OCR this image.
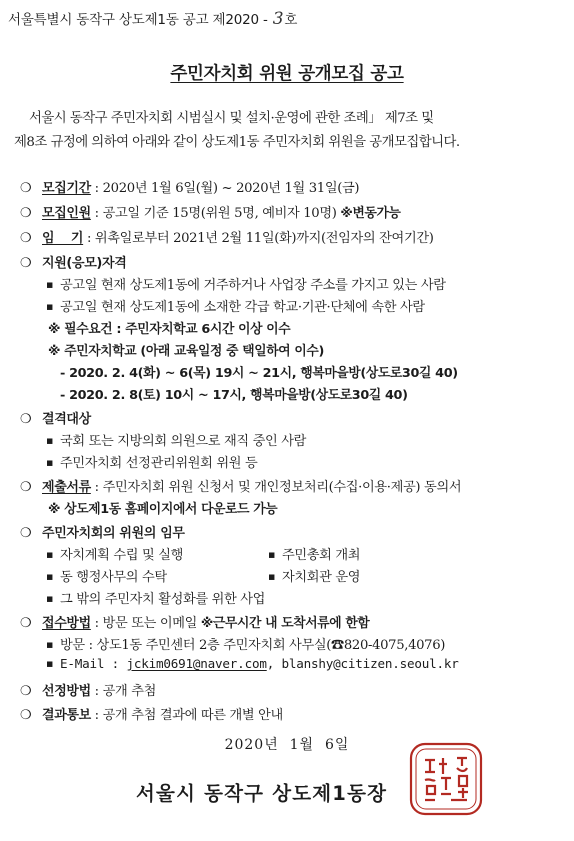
서울특별시 동작구 상도제1동 공고 제2020 - 3호
주민자치회 위원 공개모집 공고

서울시 동작구 주민자치회 시범실시 및 설치·운영에 관한 조례」 제7조 및

제8조 규정에 의하여 아래와 같이 상도제1동 주민자치회 위원을 공개모집합니다.

❍ 모집기간 : 2020년 1월 6일(월) ~ 2020년 1월 31일(금)
❍ 모집인원 : 공고일 기준 15명(위원 5명, 예비자 10명) ※변동가능
❍ 임    기 : 위촉일로부터 2021년 2월 11일(화)까지(전임자의 잔여기간)
❍ 지원(응모)자격
▪ 공고일 현재 상도제1동에 거주하거나 사업장 주소를 가지고 있는 사람
▪ 공고일 현재 상도제1동에 소재한 각급 학교·기관·단체에 속한 사람
※ 필수요건 : 주민자치학교 6시간 이상 이수
※ 주민자치학교 (아래 교육일정 중 택일하여 이수)
- 2020. 2. 4(화) ~ 6(목) 19시 ~ 21시, 행복마을방(상도로30길 40)
- 2020. 2. 8(토) 10시 ~ 17시, 행복마을방(상도로30길 40)
❍ 결격대상
▪ 국회 또는 지방의회 의원으로 재직 중인 사람
▪ 주민자치회 선정관리위원회 위원 등
❍ 제출서류 : 주민자치회 위원 신청서 및 개인정보처리(수집·이용·제공) 동의서
※ 상도제1동 홈페이지에서 다운로드 가능
❍ 주민자치회의 위원의 임무
▪ 자치계획 수립 및 실행	▪ 주민총회 개최
▪ 동 행정사무의 수탁	▪ 자치회관 운영
▪ 그 밖의 주민자치 활성화를 위한 사업
❍ 접수방법 : 방문 또는 이메일 ※근무시간 내 도착서류에 한함
▪ 방문 : 상도1동 주민센터 2층 주민자치회 사무실(☎820-4075,4076)
▪ E-Mail : jckim0691@naver.com, blanshy@citizen.seoul.kr
❍ 선정방법 : 공개 추첨
❍ 결과통보 : 공개 추첨 결과에 따른 개별 안내
2020년  1월  6일
서울시 동작구 상도제1동장
